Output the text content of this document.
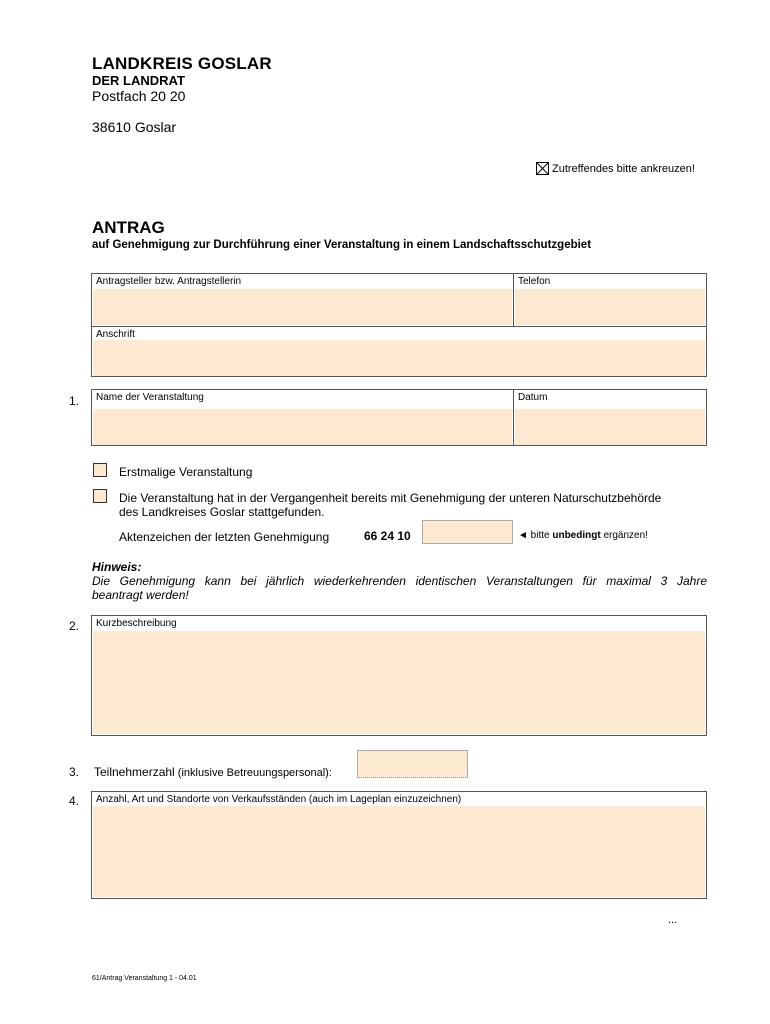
LANDKREIS GOSLAR
DER LANDRAT
Postfach 20 20
38610 Goslar
Zutreffendes bitte ankreuzen!
ANTRAG
auf Genehmigung zur Durchführung einer Veranstaltung in einem Landschaftsschutzgebiet
Antragsteller bzw. Antragstellerin	Telefon
Anschrift
1. Name der Veranstaltung	Datum
Erstmalige Veranstaltung
Die Veranstaltung hat in der Vergangenheit bereits mit Genehmigung der unteren Naturschutzbehörde
des Landkreises Goslar stattgefunden.
Aktenzeichen der letzten Genehmigung	66 24 10	◄ bitte unbedingt ergänzen!
Hinweis:
Die Genehmigung kann bei jährlich wiederkehrenden identischen Veranstaltungen für maximal 3 Jahre
beantragt werden!
2. Kurzbeschreibung
3. Teilnehmerzahl (inklusive Betreuungspersonal):
4. Anzahl, Art und Standorte von Verkaufsständen (auch im Lageplan einzuzeichnen)
...
61/Antrag Veranstaltung 1 - 04.01
